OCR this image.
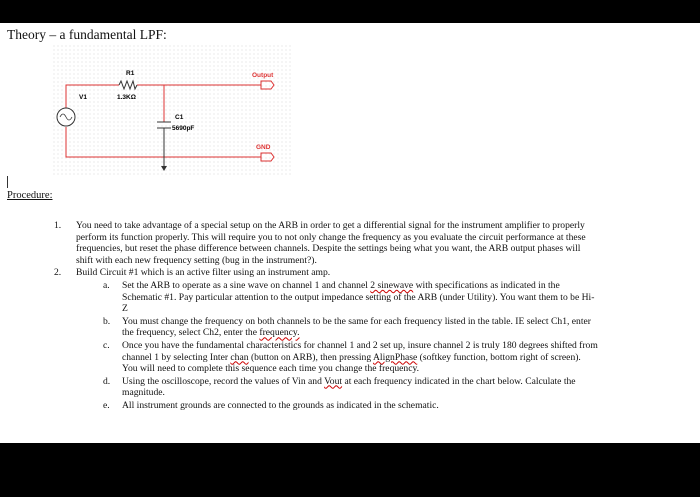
Theory – a fundamental LPF:
R1
1.3KΩ
V1
C1
5690pF
Output
GND
Procedure:
1. You need to take advantage of a special setup on the ARB in order to get a differential signal for the instrument amplifier to properly
perform its function properly. This will require you to not only change the frequency as you evaluate the circuit performance at these
frequencies, but reset the phase difference between channels. Despite the settings being what you want, the ARB output phases will
shift with each new frequency setting (bug in the instrument?).
2. Build Circuit #1 which is an active filter using an instrument amp.
a. Set the ARB to operate as a sine wave on channel 1 and channel 2 sinewave with specifications as indicated in the
Schematic #1. Pay particular attention to the output impedance setting of the ARB (under Utility). You want them to be Hi-
Z
b. You must change the frequency on both channels to be the same for each frequency listed in the table. IE select Ch1, enter
the frequency, select Ch2, enter the frequency.
c. Once you have the fundamental characteristics for channel 1 and 2 set up, insure channel 2 is truly 180 degrees shifted from
channel 1 by selecting Inter chan (button on ARB), then pressing AlignPhase (softkey function, bottom right of screen).
You will need to complete this sequence each time you change the frequency.
d. Using the oscilloscope, record the values of Vin and Vout at each frequency indicated in the chart below. Calculate the
magnitude.
e. All instrument grounds are connected to the grounds as indicated in the schematic.
